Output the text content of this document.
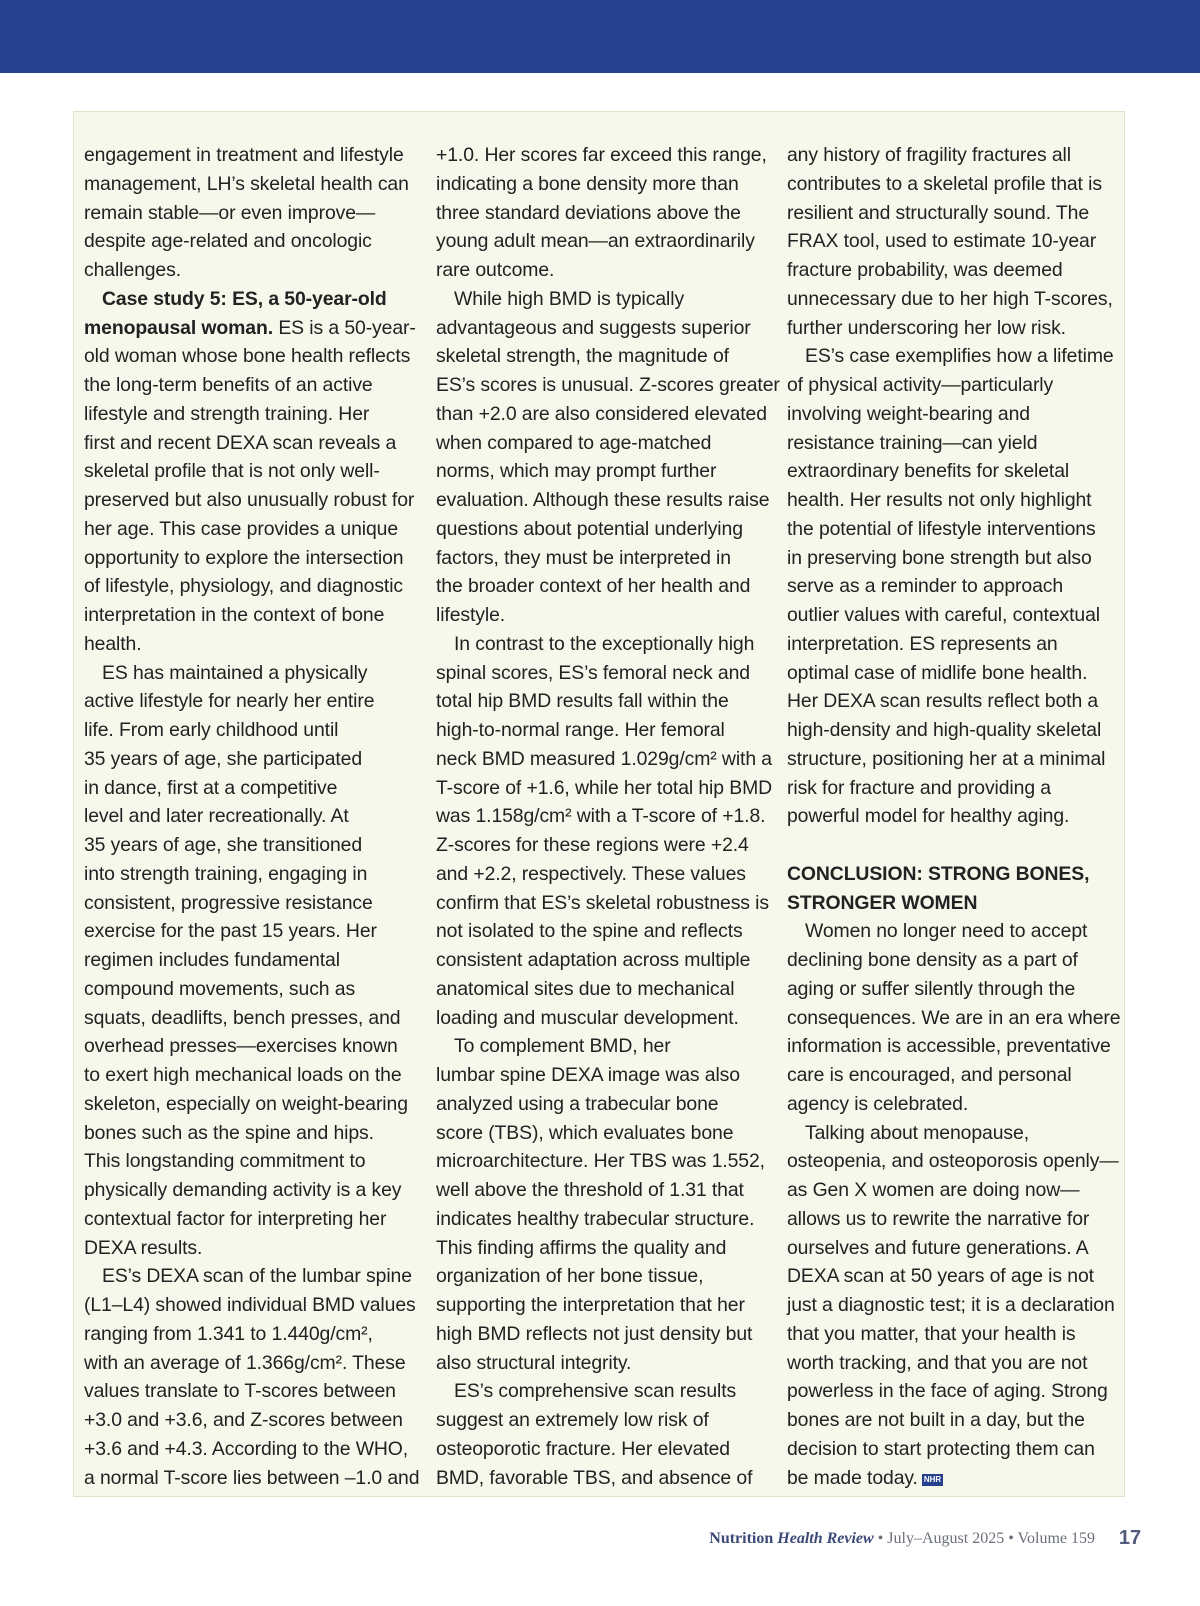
engagement in treatment and lifestyle
management, LH’s skeletal health can
remain stable—or even improve—
despite age-related and oncologic
challenges.
Case study 5: ES, a 50-year-old
menopausal woman. ES is a 50-year-
old woman whose bone health reflects
the long-term benefits of an active
lifestyle and strength training. Her
first and recent DEXA scan reveals a
skeletal profile that is not only well-
preserved but also unusually robust for
her age. This case provides a unique
opportunity to explore the intersection
of lifestyle, physiology, and diagnostic
interpretation in the context of bone
health.
ES has maintained a physically
active lifestyle for nearly her entire
life. From early childhood until
35 years of age, she participated
in dance, first at a competitive
level and later recreationally. At
35 years of age, she transitioned
into strength training, engaging in
consistent, progressive resistance
exercise for the past 15 years. Her
regimen includes fundamental
compound movements, such as
squats, deadlifts, bench presses, and
overhead presses—exercises known
to exert high mechanical loads on the
skeleton, especially on weight-bearing
bones such as the spine and hips.
This longstanding commitment to
physically demanding activity is a key
contextual factor for interpreting her
DEXA results.
ES’s DEXA scan of the lumbar spine
(L1–L4) showed individual BMD values
ranging from 1.341 to 1.440g/cm²,
with an average of 1.366g/cm². These
values translate to T-scores between
+3.0 and +3.6, and Z-scores between
+3.6 and +4.3. According to the WHO,
a normal T-score lies between –1.0 and
+1.0. Her scores far exceed this range,
indicating a bone density more than
three standard deviations above the
young adult mean—an extraordinarily
rare outcome.
While high BMD is typically
advantageous and suggests superior
skeletal strength, the magnitude of
ES’s scores is unusual. Z-scores greater
than +2.0 are also considered elevated
when compared to age-matched
norms, which may prompt further
evaluation. Although these results raise
questions about potential underlying
factors, they must be interpreted in
the broader context of her health and
lifestyle.
In contrast to the exceptionally high
spinal scores, ES’s femoral neck and
total hip BMD results fall within the
high-to-normal range. Her femoral
neck BMD measured 1.029g/cm² with a
T-score of +1.6, while her total hip BMD
was 1.158g/cm² with a T-score of +1.8.
Z-scores for these regions were +2.4
and +2.2, respectively. These values
confirm that ES’s skeletal robustness is
not isolated to the spine and reflects
consistent adaptation across multiple
anatomical sites due to mechanical
loading and muscular development.
To complement BMD, her
lumbar spine DEXA image was also
analyzed using a trabecular bone
score (TBS), which evaluates bone
microarchitecture. Her TBS was 1.552,
well above the threshold of 1.31 that
indicates healthy trabecular structure.
This finding affirms the quality and
organization of her bone tissue,
supporting the interpretation that her
high BMD reflects not just density but
also structural integrity.
ES’s comprehensive scan results
suggest an extremely low risk of
osteoporotic fracture. Her elevated
BMD, favorable TBS, and absence of
any history of fragility fractures all
contributes to a skeletal profile that is
resilient and structurally sound. The
FRAX tool, used to estimate 10-year
fracture probability, was deemed
unnecessary due to her high T-scores,
further underscoring her low risk.
ES’s case exemplifies how a lifetime
of physical activity—particularly
involving weight-bearing and
resistance training—can yield
extraordinary benefits for skeletal
health. Her results not only highlight
the potential of lifestyle interventions
in preserving bone strength but also
serve as a reminder to approach
outlier values with careful, contextual
interpretation. ES represents an
optimal case of midlife bone health.
Her DEXA scan results reflect both a
high-density and high-quality skeletal
structure, positioning her at a minimal
risk for fracture and providing a
powerful model for healthy aging.
CONCLUSION: STRONG BONES,
STRONGER WOMEN
Women no longer need to accept
declining bone density as a part of
aging or suffer silently through the
consequences. We are in an era where
information is accessible, preventative
care is encouraged, and personal
agency is celebrated.
Talking about menopause,
osteopenia, and osteoporosis openly—
as Gen X women are doing now—
allows us to rewrite the narrative for
ourselves and future generations. A
DEXA scan at 50 years of age is not
just a diagnostic test; it is a declaration
that you matter, that your health is
worth tracking, and that you are not
powerless in the face of aging. Strong
bones are not built in a day, but the
decision to start protecting them can
be made today. NHR
Nutrition Health Review • July–August 2025 • Volume 159	17
